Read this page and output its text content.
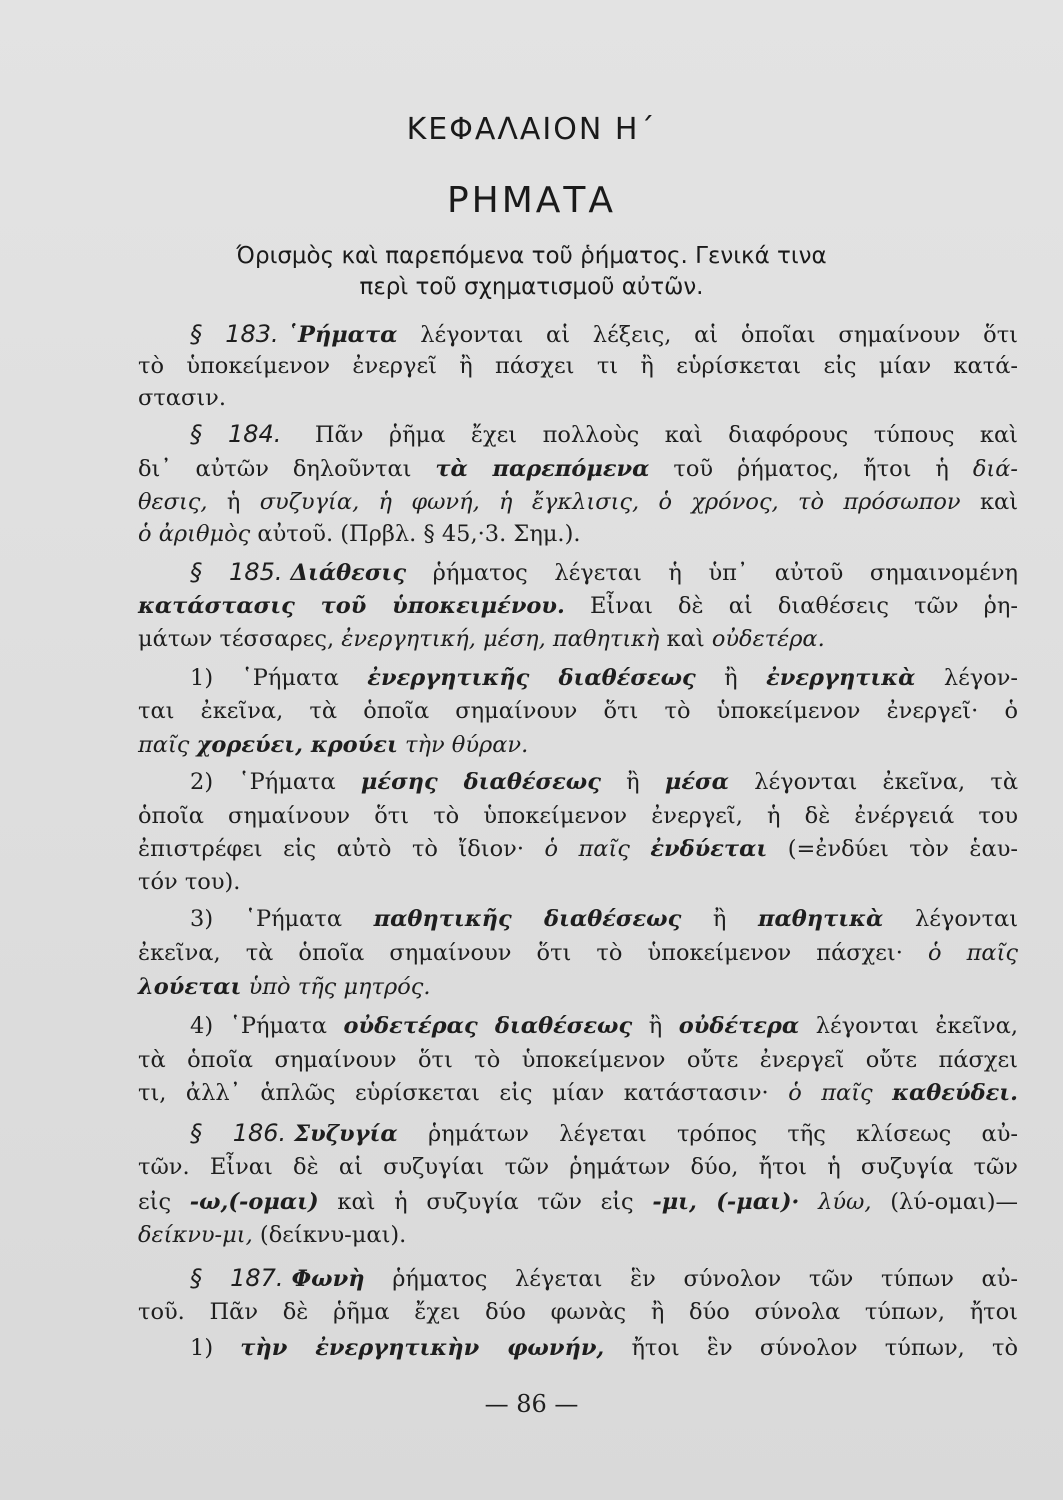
ΚΕΦΑΛΑΙΟΝ Η΄
ΡΗΜΑΤΑ
Όρισμὸς καὶ παρεπόμενα τοῦ ῥήματος. Γενικά τινα
περὶ τοῦ σχηματισμοῦ αὐτῶν.
§ 183. ῾Ρήματα λέγονται αἱ λέξεις, αἱ ὁποῖαι σημαίνουν ὅτι
τὸ ὑποκείμενον ἐνεργεῖ ἢ πάσχει τι ἢ εὑρίσκεται εἰς μίαν κατά-
στασιν.
§ 184. Πᾶν ῥῆμα ἔχει πολλοὺς καὶ διαφόρους τύπους καὶ
δι᾿ αὐτῶν δηλοῦνται τὰ παρεπόμενα τοῦ ῥήματος, ἤτοι ἡ διά-
θεσις, ἡ συζυγία, ἡ φωνή, ἡ ἔγκλισις, ὁ χρόνος, τὸ πρόσωπον καὶ
ὁ ἀριθμὸς αὐτοῦ. (Πρβλ. § 45,·3. Σημ.).
§ 185. Διάθεσις ῥήματος λέγεται ἡ ὑπ᾿ αὐτοῦ σημαινομένη
κατάστασις τοῦ ὑποκειμένου. Εἶναι δὲ αἱ διαθέσεις τῶν ῥη-
μάτων τέσσαρες, ἐνεργητική, μέση, παθητικὴ καὶ οὐδετέρα.
1) ῾Ρήματα ἐνεργητικῆς διαθέσεως ἢ ἐνεργητικὰ λέγον-
ται ἐκεῖνα, τὰ ὁποῖα σημαίνουν ὅτι τὸ ὑποκείμενον ἐνεργεῖ· ὁ
παῖς χορεύει, κρούει τὴν θύραν.
2) ῾Ρήματα μέσης διαθέσεως ἢ μέσα λέγονται ἐκεῖνα, τὰ
ὁποῖα σημαίνουν ὅτι τὸ ὑποκείμενον ἐνεργεῖ, ἡ δὲ ἐνέργειά του
ἐπιστρέφει εἰς αὐτὸ τὸ ἴδιον· ὁ παῖς ἐνδύεται (=ἐνδύει τὸν ἑαυ-
τόν του).
3) ῾Ρήματα παθητικῆς διαθέσεως ἢ παθητικὰ λέγονται
ἐκεῖνα, τὰ ὁποῖα σημαίνουν ὅτι τὸ ὑποκείμενον πάσχει· ὁ παῖς
λούεται ὑπὸ τῆς μητρός.
4) ῾Ρήματα οὐδετέρας διαθέσεως ἢ οὐδέτερα λέγονται ἐκεῖνα,
τὰ ὁποῖα σημαίνουν ὅτι τὸ ὑποκείμενον οὔτε ἐνεργεῖ οὔτε πάσχει
τι, ἀλλ᾿ ἁπλῶς εὑρίσκεται εἰς μίαν κατάστασιν· ὁ παῖς καθεύδει.
§ 186. Συζυγία ῥημάτων λέγεται τρόπος τῆς κλίσεως αὐ-
τῶν. Εἶναι δὲ αἱ συζυγίαι τῶν ῥημάτων δύο, ἤτοι ἡ συζυγία τῶν
εἰς -ω,(-ομαι) καὶ ἡ συζυγία τῶν εἰς -μι, (-μαι)· λύω, (λύ-ομαι)—
δείκνυ-μι, (δείκνυ-μαι).
§ 187. Φωνὴ ῥήματος λέγεται ἓν σύνολον τῶν τύπων αὐ-
τοῦ. Πᾶν δὲ ῥῆμα ἔχει δύο φωνὰς ἢ δύο σύνολα τύπων, ἤτοι
1) τὴν ἐνεργητικὴν φωνήν, ἤτοι ἓν σύνολον τύπων, τὸ
— 86 —
